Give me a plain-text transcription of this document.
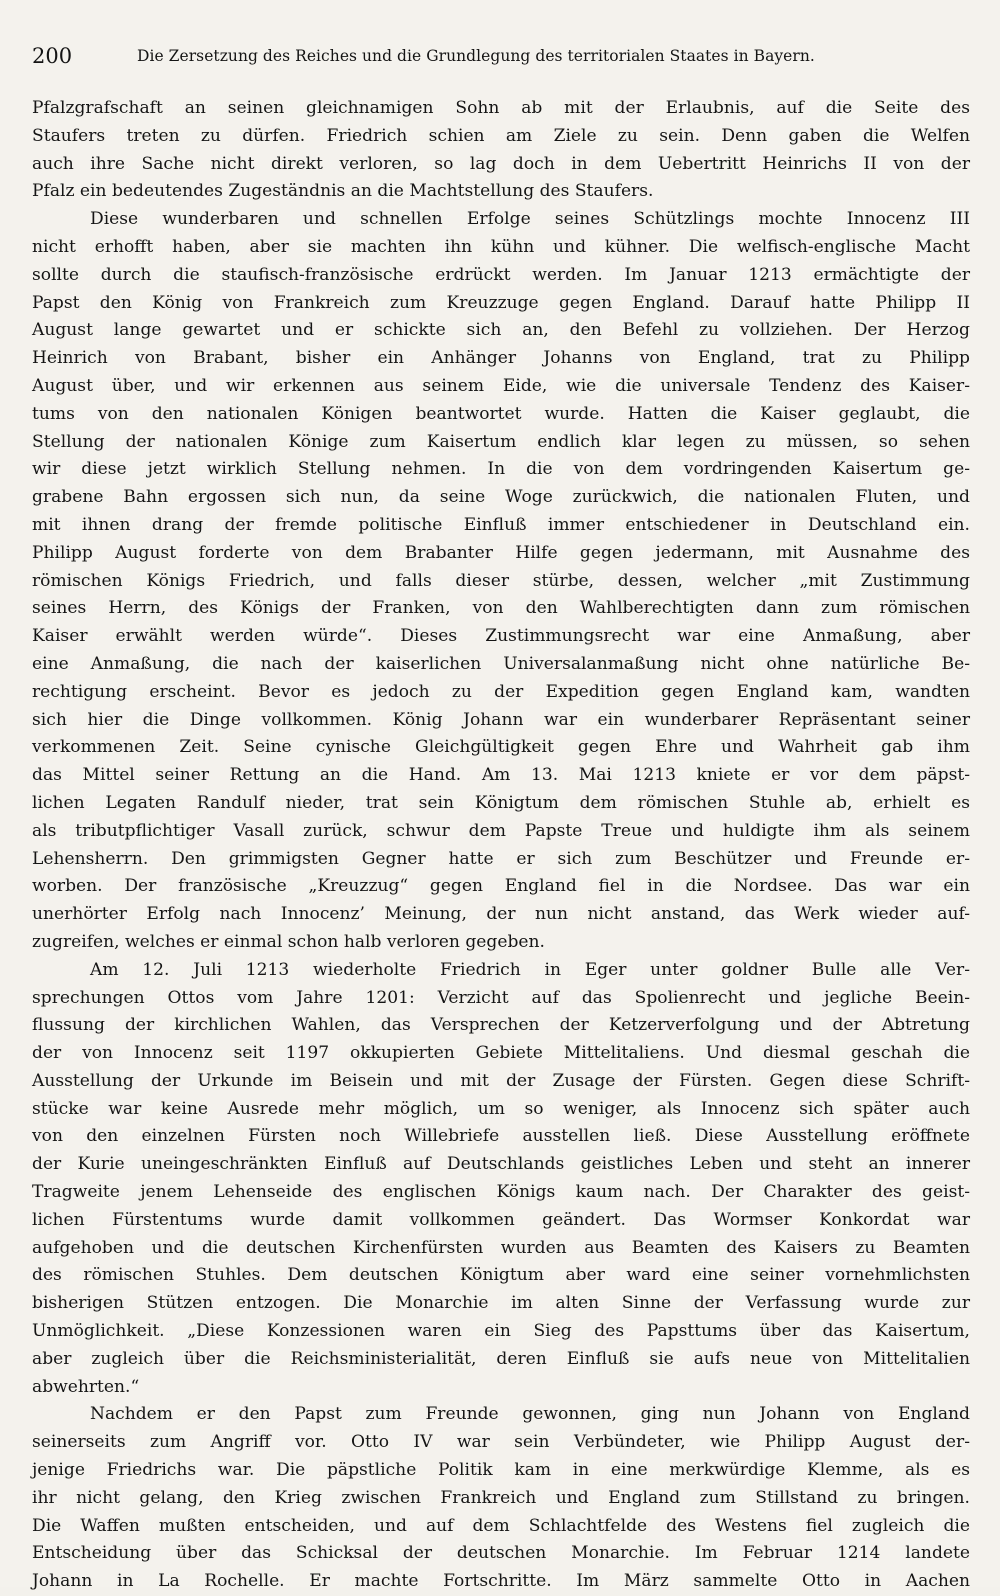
200	Die Zersetzung des Reiches und die Grundlegung des territorialen Staates in Bayern.

Pfalzgrafschaft an seinen gleichnamigen Sohn ab mit der Erlaubnis, auf die Seite des

Staufers treten zu dürfen. Friedrich schien am Ziele zu sein. Denn gaben die Welfen

auch ihre Sache nicht direkt verloren, so lag doch in dem Uebertritt Heinrichs II von der

Pfalz ein bedeutendes Zugeständnis an die Machtstellung des Staufers.

Diese wunderbaren und schnellen Erfolge seines Schützlings mochte Innocenz III

nicht erhofft haben, aber sie machten ihn kühn und kühner. Die welfisch-englische Macht

sollte durch die staufisch-französische erdrückt werden. Im Januar 1213 ermächtigte der

Papst den König von Frankreich zum Kreuzzuge gegen England. Darauf hatte Philipp II

August lange gewartet und er schickte sich an, den Befehl zu vollziehen. Der Herzog

Heinrich von Brabant, bisher ein Anhänger Johanns von England, trat zu Philipp

August über, und wir erkennen aus seinem Eide, wie die universale Tendenz des Kaiser-

tums von den nationalen Königen beantwortet wurde. Hatten die Kaiser geglaubt, die

Stellung der nationalen Könige zum Kaisertum endlich klar legen zu müssen, so sehen

wir diese jetzt wirklich Stellung nehmen. In die von dem vordringenden Kaisertum ge-

grabene Bahn ergossen sich nun, da seine Woge zurückwich, die nationalen Fluten, und

mit ihnen drang der fremde politische Einfluß immer entschiedener in Deutschland ein.

Philipp August forderte von dem Brabanter Hilfe gegen jedermann, mit Ausnahme des

römischen Königs Friedrich, und falls dieser stürbe, dessen, welcher „mit Zustimmung

seines Herrn, des Königs der Franken, von den Wahlberechtigten dann zum römischen

Kaiser erwählt werden würde“. Dieses Zustimmungsrecht war eine Anmaßung, aber

eine Anmaßung, die nach der kaiserlichen Universalanmaßung nicht ohne natürliche Be-

rechtigung erscheint. Bevor es jedoch zu der Expedition gegen England kam, wandten

sich hier die Dinge vollkommen. König Johann war ein wunderbarer Repräsentant seiner

verkommenen Zeit. Seine cynische Gleichgültigkeit gegen Ehre und Wahrheit gab ihm

das Mittel seiner Rettung an die Hand. Am 13. Mai 1213 kniete er vor dem päpst-

lichen Legaten Randulf nieder, trat sein Königtum dem römischen Stuhle ab, erhielt es

als tributpflichtiger Vasall zurück, schwur dem Papste Treue und huldigte ihm als seinem

Lehensherrn. Den grimmigsten Gegner hatte er sich zum Beschützer und Freunde er-

worben. Der französische „Kreuzzug“ gegen England fiel in die Nordsee. Das war ein

unerhörter Erfolg nach Innocenz’ Meinung, der nun nicht anstand, das Werk wieder auf-

zugreifen, welches er einmal schon halb verloren gegeben.

Am 12. Juli 1213 wiederholte Friedrich in Eger unter goldner Bulle alle Ver-

sprechungen Ottos vom Jahre 1201: Verzicht auf das Spolienrecht und jegliche Beein-

flussung der kirchlichen Wahlen, das Versprechen der Ketzerverfolgung und der Abtretung

der von Innocenz seit 1197 okkupierten Gebiete Mittelitaliens. Und diesmal geschah die

Ausstellung der Urkunde im Beisein und mit der Zusage der Fürsten. Gegen diese Schrift-

stücke war keine Ausrede mehr möglich, um so weniger, als Innocenz sich später auch

von den einzelnen Fürsten noch Willebriefe ausstellen ließ. Diese Ausstellung eröffnete

der Kurie uneingeschränkten Einfluß auf Deutschlands geistliches Leben und steht an innerer

Tragweite jenem Lehenseide des englischen Königs kaum nach. Der Charakter des geist-

lichen Fürstentums wurde damit vollkommen geändert. Das Wormser Konkordat war

aufgehoben und die deutschen Kirchenfürsten wurden aus Beamten des Kaisers zu Beamten

des römischen Stuhles. Dem deutschen Königtum aber ward eine seiner vornehmlichsten

bisherigen Stützen entzogen. Die Monarchie im alten Sinne der Verfassung wurde zur

Unmöglichkeit. „Diese Konzessionen waren ein Sieg des Papsttums über das Kaisertum,

aber zugleich über die Reichsministerialität, deren Einfluß sie aufs neue von Mittelitalien

abwehrten.“

Nachdem er den Papst zum Freunde gewonnen, ging nun Johann von England

seinerseits zum Angriff vor. Otto IV war sein Verbündeter, wie Philipp August der-

jenige Friedrichs war. Die päpstliche Politik kam in eine merkwürdige Klemme, als es

ihr nicht gelang, den Krieg zwischen Frankreich und England zum Stillstand zu bringen.

Die Waffen mußten entscheiden, und auf dem Schlachtfelde des Westens fiel zugleich die

Entscheidung über das Schicksal der deutschen Monarchie. Im Februar 1214 landete

Johann in La Rochelle. Er machte Fortschritte. Im März sammelte Otto in Aachen
